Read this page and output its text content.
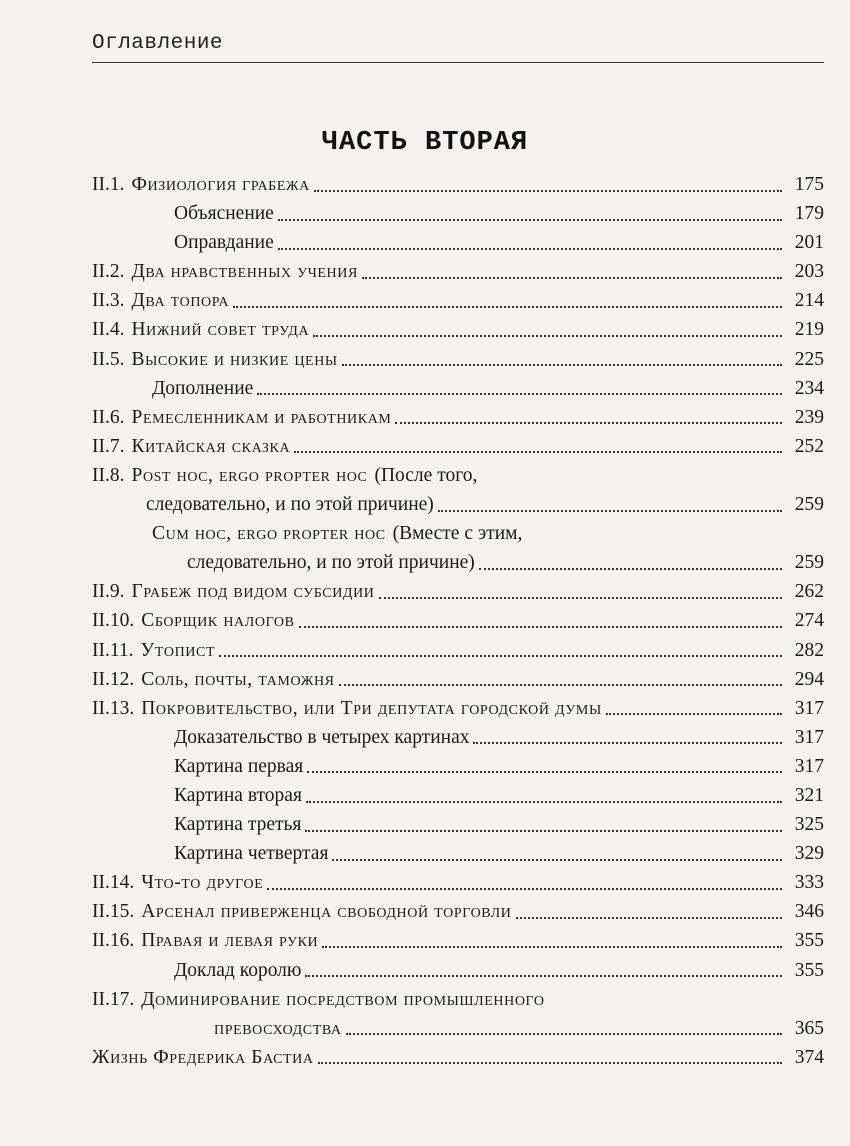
Оглавление
ЧАСТЬ ВТОРАЯ
II.1. Физиология грабежа	175
Объяснение	179
Оправдание	201
II.2. Два нравственных учения	203
II.3. Два топора	214
II.4. Нижний совет труда	219
II.5. Высокие и низкие цены	225
Дополнение	234
II.6. Ремесленникам и работникам	239
II.7. Китайская сказка	252
II.8. Post hoc, ergo propter hoc (После того,
следовательно, и по этой причине)	259
Cum hoc, ergo propter hoc (Вместе с этим,
следовательно, и по этой причине)	259
II.9. Грабеж под видом субсидии	262
II.10. Сборщик налогов	274
II.11. Утопист	282
II.12. Соль, почты, таможня	294
II.13. Покровительство, или Три депутата городской думы	317
Доказательство в четырех картинах	317
Картина первая	317
Картина вторая	321
Картина третья	325
Картина четвертая	329
II.14. Что-то другое	333
II.15. Арсенал приверженца свободной торговли	346
II.16. Правая и левая руки	355
Доклад королю	355
II.17. Доминирование посредством промышленного
превосходства	365
Жизнь Фредерика Бастиа	374
